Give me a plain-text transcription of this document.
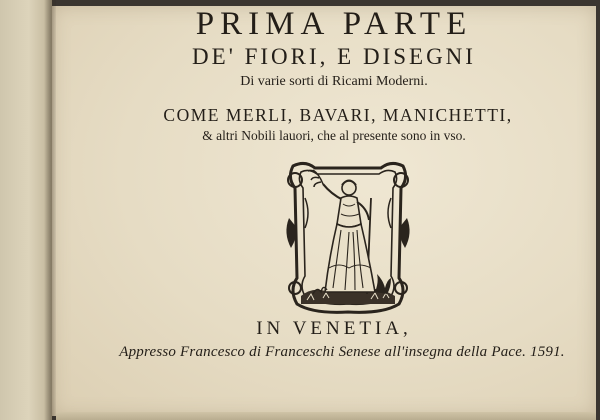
PRIMA PARTE
DE' FIORI, E DISEGNI
Di varie sorti di Ricami Moderni.
COME MERLI, BAVARI, MANICHETTI,
& altri Nobili lauori, che al presente sono in vso.
IN VENETIA,
Appresso Francesco di Franceschi Senese all'insegna della Pace. 1591.
